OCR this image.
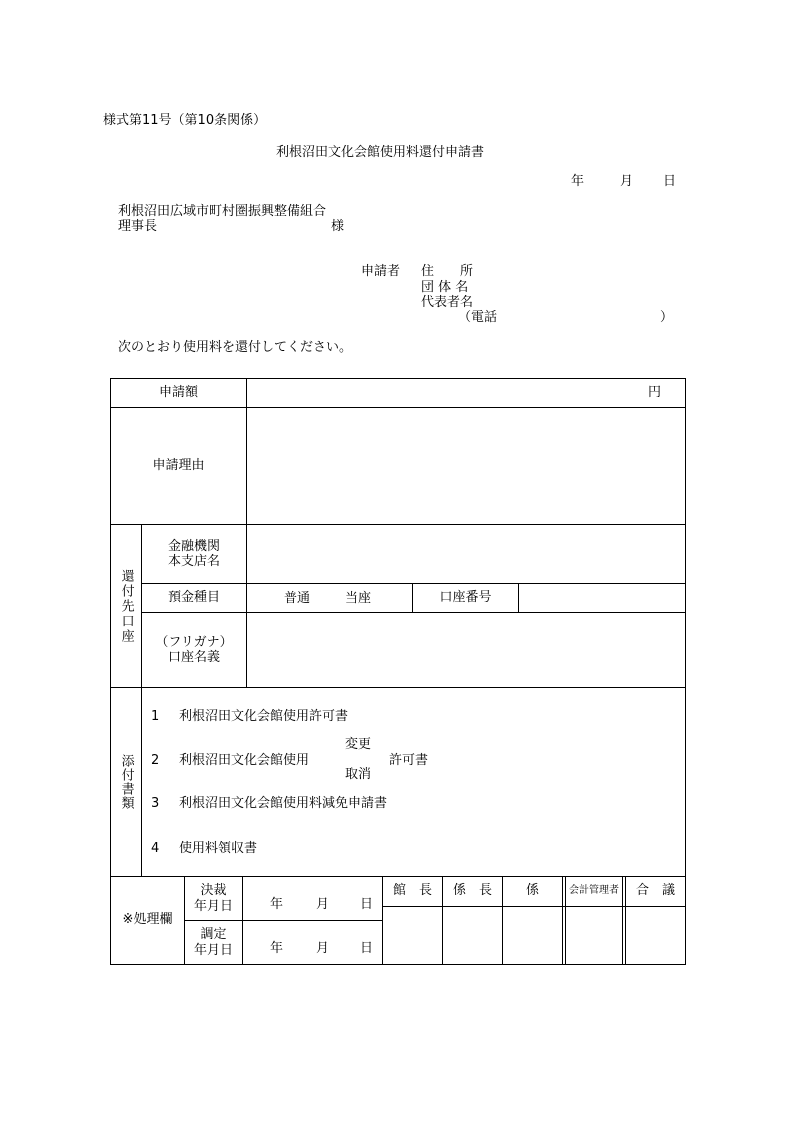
様式第11号（第10条関係）
利根沼田文化会館使用料還付申請書
年	月 日
利根沼田広域市町村圏振興整備組合
理事長	様
申請者 住　　所
団 体 名
代表者名
（電話	）
次のとおり使用料を還付してください。
申請額	円
申請理由
還付先口座
金融機関
本支店名
預金種目	普通	当座	口座番号
（フリガナ）
口座名義
添付書類
1 利根沼田文化会館使用許可書
2 利根沼田文化会館使用
変更
取消
許可書
3 利根沼田文化会館使用料減免申請書
4 使用料領収書
※処理欄
決裁
年月日	年	月 日
調定
年月日	年	月 日
館　長	係　長	係	会計管理者	合　議
